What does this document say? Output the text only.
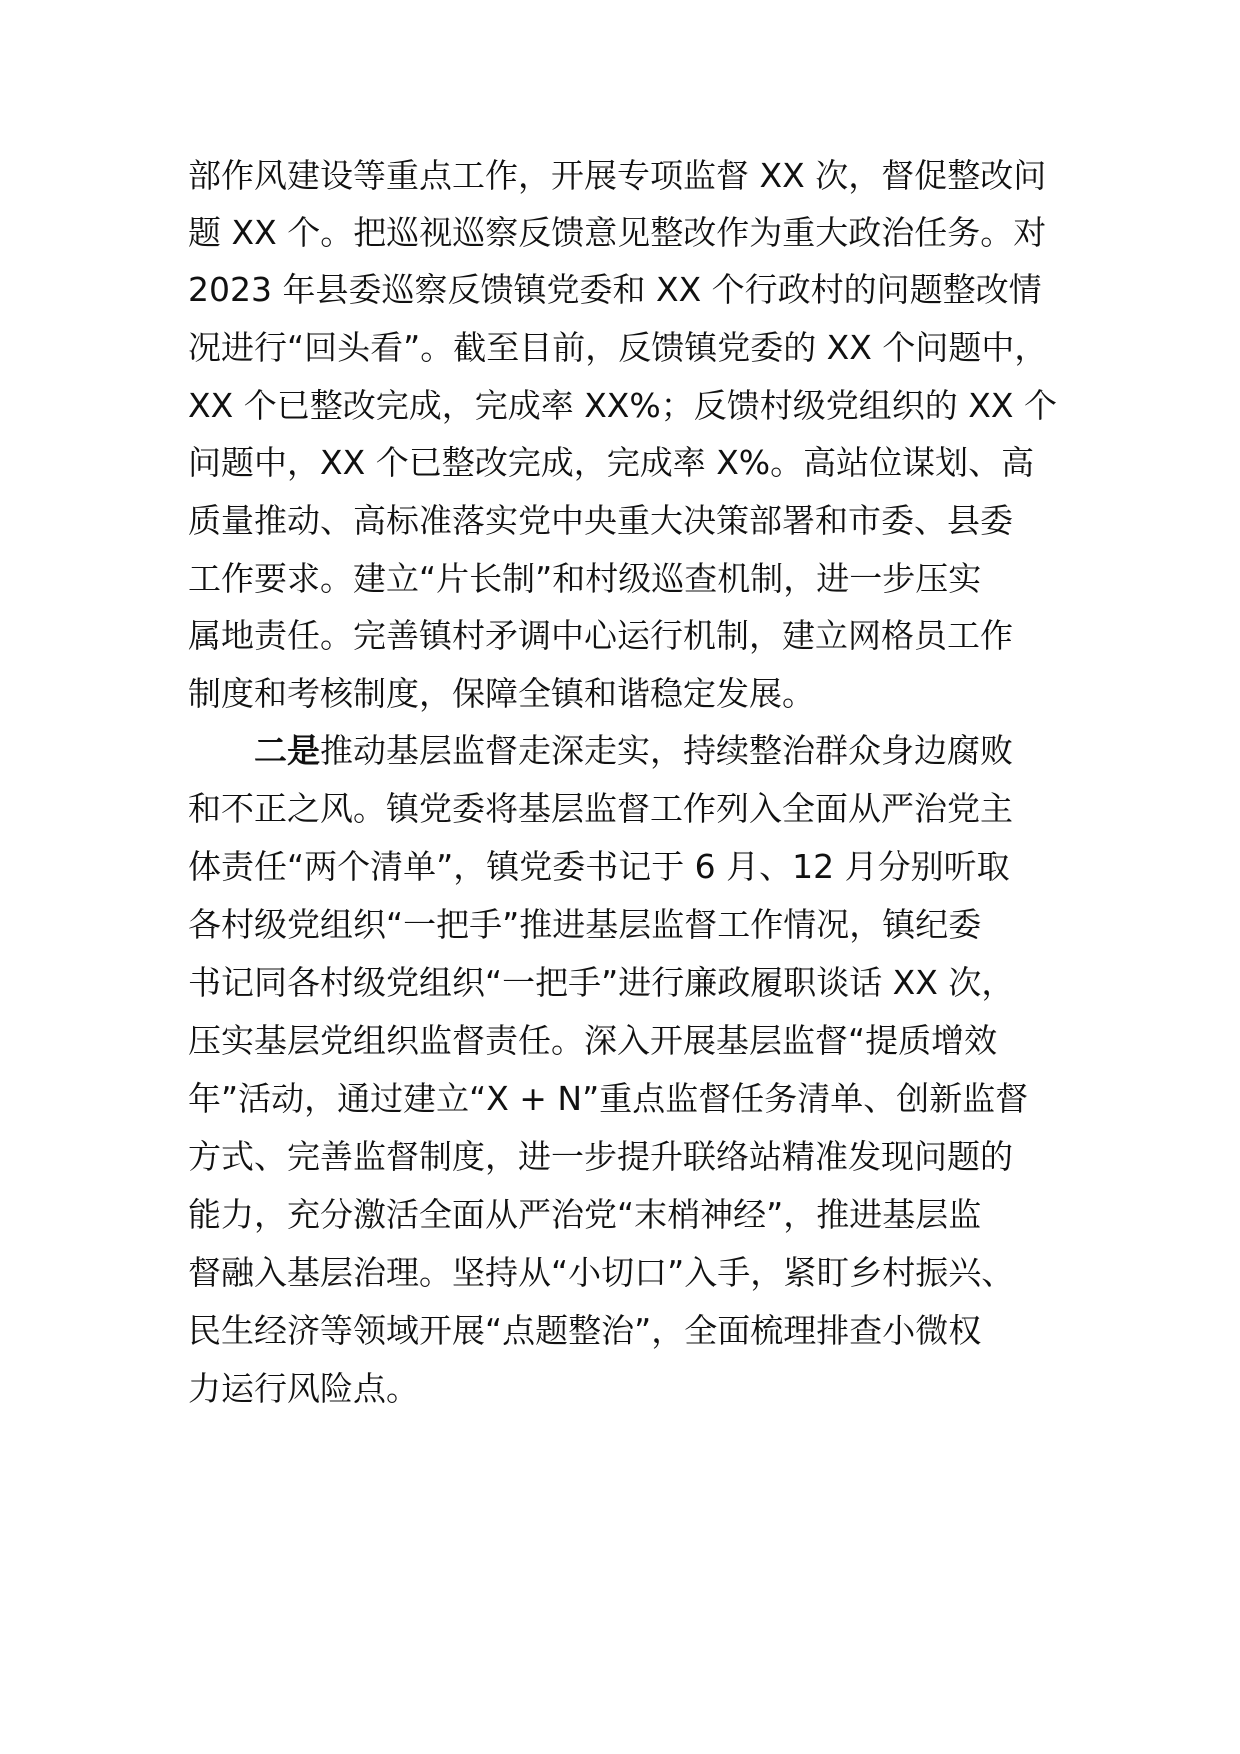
部作风建设等重点工作，开展专项监督 XX 次，督促整改问
题 XX 个。把巡视巡察反馈意见整改作为重大政治任务。对
2023 年县委巡察反馈镇党委和 XX 个行政村的问题整改情
况进行“回头看”。截至目前，反馈镇党委的 XX 个问题中，
XX 个已整改完成，完成率 XX%；反馈村级党组织的 XX 个
问题中，XX 个已整改完成，完成率 X%。高站位谋划、高
质量推动、高标准落实党中央重大决策部署和市委、县委
工作要求。建立“片长制”和村级巡查机制，进一步压实
属地责任。完善镇村矛调中心运行机制，建立网格员工作
制度和考核制度，保障全镇和谐稳定发展。
二是推动基层监督走深走实，持续整治群众身边腐败
和不正之风。镇党委将基层监督工作列入全面从严治党主
体责任“两个清单”，镇党委书记于 6 月、12 月分别听取
各村级党组织“一把手”推进基层监督工作情况，镇纪委
书记同各村级党组织“一把手”进行廉政履职谈话 XX 次，
压实基层党组织监督责任。深入开展基层监督“提质增效
年”活动，通过建立“X + N”重点监督任务清单、创新监督
方式、完善监督制度，进一步提升联络站精准发现问题的
能力，充分激活全面从严治党“末梢神经”，推进基层监
督融入基层治理。坚持从“小切口”入手，紧盯乡村振兴、
民生经济等领域开展“点题整治”，全面梳理排查小微权
力运行风险点。
